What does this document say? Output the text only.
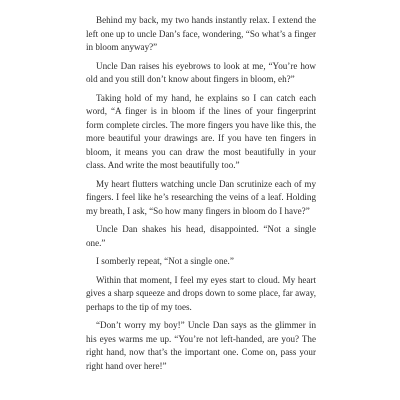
Behind my back, my two hands instantly relax. I extend the left one up to uncle Dan’s face, wondering, “So what’s a finger in bloom anyway?”

Uncle Dan raises his eyebrows to look at me, “You’re how old and you still don’t know about fingers in bloom, eh?”

Taking hold of my hand, he explains so I can catch each word, “A finger is in bloom if the lines of your fingerprint form complete circles. The more fingers you have like this, the more beautiful your drawings are. If you have ten fingers in bloom, it means you can draw the most beautifully in your class. And write the most beautifully too.”

My heart flutters watching uncle Dan scrutinize each of my fingers. I feel like he’s researching the veins of a leaf. Holding my breath, I ask, “So how many fingers in bloom do I have?”

Uncle Dan shakes his head, disappointed. “Not a single one.”

I somberly repeat, “Not a single one.”

Within that moment, I feel my eyes start to cloud. My heart gives a sharp squeeze and drops down to some place, far away, perhaps to the tip of my toes.

“Don’t worry my boy!” Uncle Dan says as the glimmer in his eyes warms me up. “You’re not left-handed, are you? The right hand, now that’s the important one. Come on, pass your right hand over here!”
